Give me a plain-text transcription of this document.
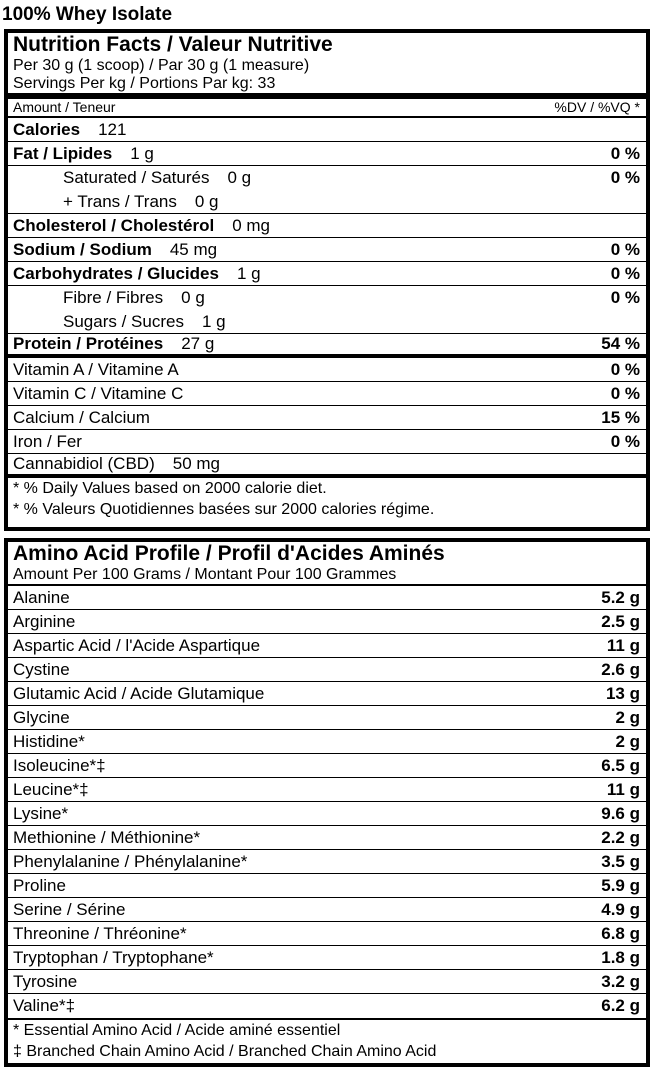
100% Whey Isolate
Nutrition Facts / Valeur Nutritive
Per 30 g (1 scoop) / Par 30 g (1 measure)
Servings Per kg / Portions Par kg: 33
Amount / Teneur	%DV / %VQ *
Calories 121
Fat / Lipides 1 g	0 %
Saturated / Saturés 0 g	0 %
+ Trans / Trans 0 g
Cholesterol / Cholestérol 0 mg
Sodium / Sodium 45 mg	0 %
Carbohydrates / Glucides 1 g	0 %
Fibre / Fibres 0 g	0 %
Sugars / Sucres 1 g
Protein / Protéines 27 g	54 %
Vitamin A / Vitamine A	0 %
Vitamin C / Vitamine C	0 %
Calcium / Calcium	15 %
Iron / Fer	0 %
Cannabidiol (CBD) 50 mg
* % Daily Values based on 2000 calorie diet.
* % Valeurs Quotidiennes basées sur 2000 calories régime.
Amino Acid Profile / Profil d'Acides Aminés
Amount Per 100 Grams / Montant Pour 100 Grammes
Alanine	5.2 g
Arginine	2.5 g
Aspartic Acid / l'Acide Aspartique	11 g
Cystine	2.6 g
Glutamic Acid / Acide Glutamique	13 g
Glycine	2 g
Histidine*	2 g
Isoleucine*‡	6.5 g
Leucine*‡	11 g
Lysine*	9.6 g
Methionine / Méthionine*	2.2 g
Phenylalanine / Phénylalanine*	3.5 g
Proline	5.9 g
Serine / Sérine	4.9 g
Threonine / Thréonine*	6.8 g
Tryptophan / Tryptophane*	1.8 g
Tyrosine	3.2 g
Valine*‡	6.2 g
* Essential Amino Acid / Acide aminé essentiel
‡ Branched Chain Amino Acid / Branched Chain Amino Acid
